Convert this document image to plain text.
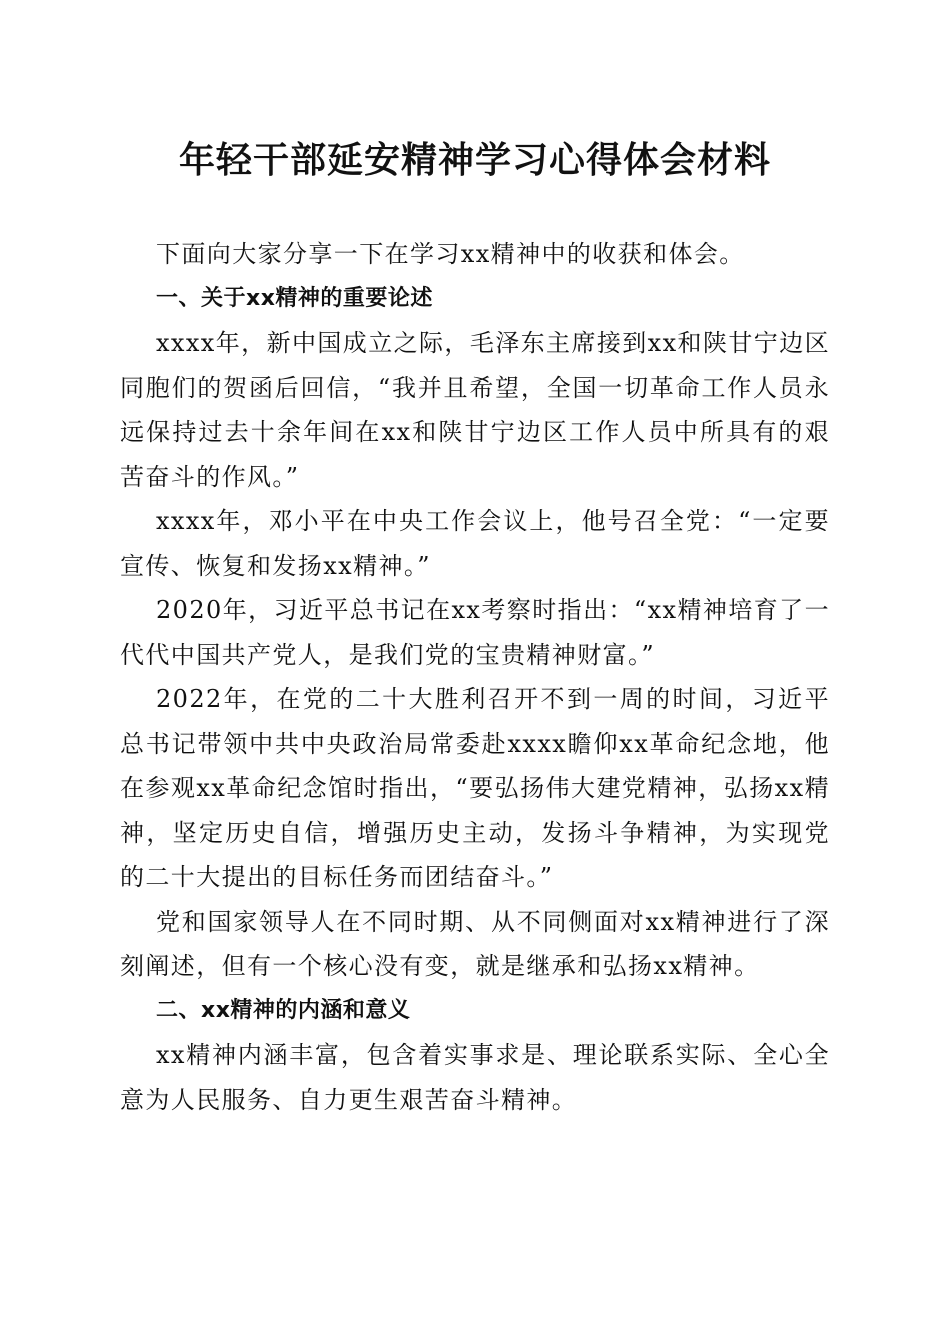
年轻干部延安精神学习心得体会材料

下面向大家分享一下在学习xx精神中的收获和体会。

一、关于xx精神的重要论述

xxxx年，新中国成立之际，毛泽东主席接到xx和陕甘宁边区同胞们的贺函后回信，“我并且希望，全国一切革命工作人员永远保持过去十余年间在xx和陕甘宁边区工作人员中所具有的艰苦奋斗的作风。”

xxxx年，邓小平在中央工作会议上，他号召全党：“一定要宣传、恢复和发扬xx精神。”

2020年，习近平总书记在xx考察时指出：“xx精神培育了一代代中国共产党人，是我们党的宝贵精神财富。”

2022年，在党的二十大胜利召开不到一周的时间，习近平总书记带领中共中央政治局常委赴xxxx瞻仰xx革命纪念地，他在参观xx革命纪念馆时指出，“要弘扬伟大建党精神，弘扬xx精神，坚定历史自信，增强历史主动，发扬斗争精神，为实现党的二十大提出的目标任务而团结奋斗。”

党和国家领导人在不同时期、从不同侧面对xx精神进行了深刻阐述，但有一个核心没有变，就是继承和弘扬xx精神。

二、xx精神的内涵和意义

xx精神内涵丰富，包含着实事求是、理论联系实际、全心全意为人民服务、自力更生艰苦奋斗精神。
